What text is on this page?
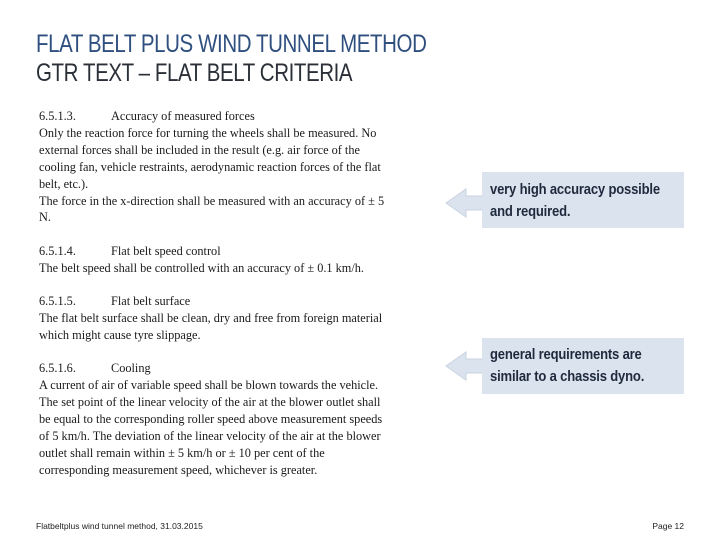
FLAT BELT PLUS WIND TUNNEL METHOD
GTR TEXT – FLAT BELT CRITERIA
6.5.1.3.	Accuracy of measured forces
Only the reaction force for turning the wheels shall be measured. No
external forces shall be included in the result (e.g. air force of the
cooling fan, vehicle restraints, aerodynamic reaction forces of the flat
belt, etc.).
The force in the x-direction shall be measured with an accuracy of ± 5
N.
6.5.1.4.	Flat belt speed control
The belt speed shall be controlled with an accuracy of ± 0.1 km/h.
6.5.1.5.	Flat belt surface
The flat belt surface shall be clean, dry and free from foreign material
which might cause tyre slippage.
6.5.1.6.	Cooling
A current of air of variable speed shall be blown towards the vehicle.
The set point of the linear velocity of the air at the blower outlet shall
be equal to the corresponding roller speed above measurement speeds
of 5 km/h. The deviation of the linear velocity of the air at the blower
outlet shall remain within ± 5 km/h or ± 10 per cent of the
corresponding measurement speed, whichever is greater.
very high accuracy possible
and required.
general requirements are
similar to a chassis dyno.
Flatbeltplus wind tunnel method, 31.03.2015	Page 12
